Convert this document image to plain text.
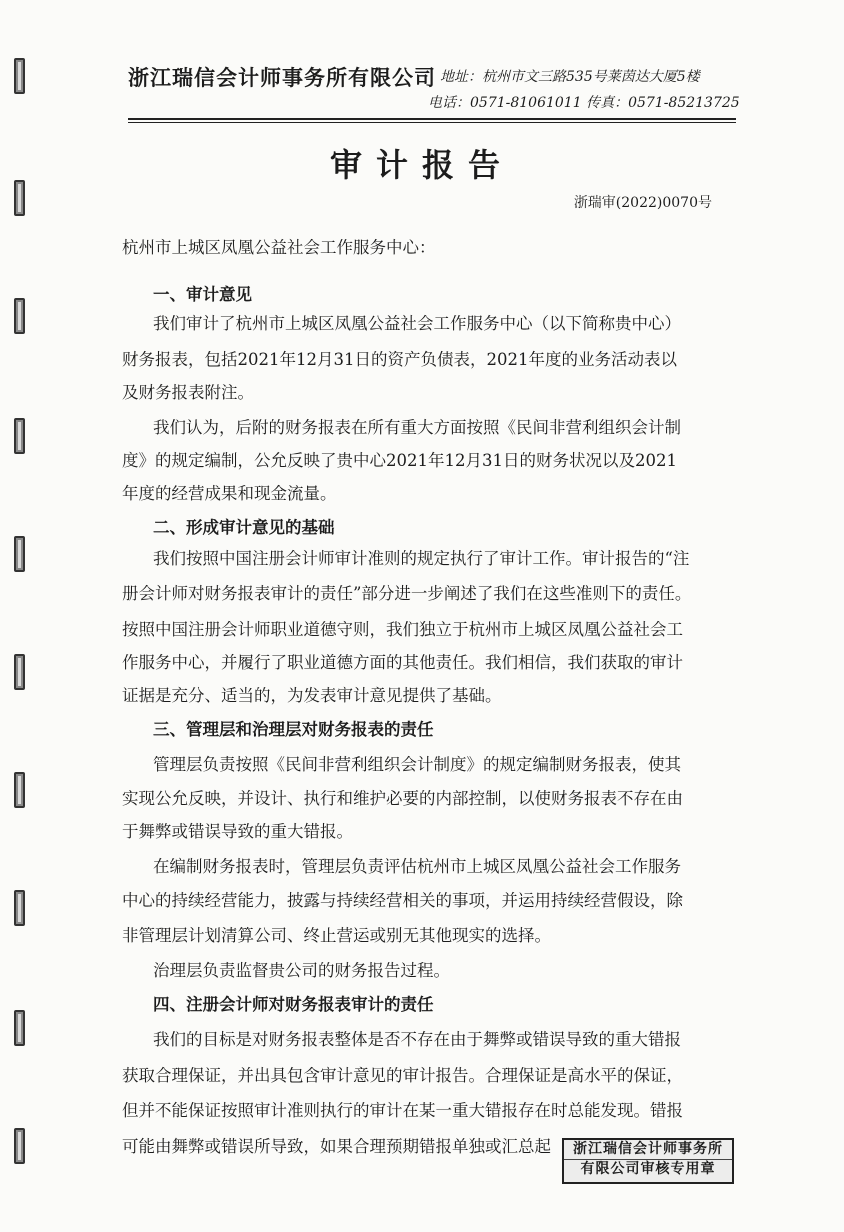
浙江瑞信会计师事务所有限公司 地址：杭州市文三路535号莱茵达大厦5楼
电话：0571-81061011 传真：0571-85213725
审计报告
浙瑞审(2022)0070号
杭州市上城区凤凰公益社会工作服务中心：
一、审计意见
我们审计了杭州市上城区凤凰公益社会工作服务中心（以下简称贵中心）
财务报表，包括2021年12月31日的资产负债表，2021年度的业务活动表以
及财务报表附注。
我们认为，后附的财务报表在所有重大方面按照《民间非营利组织会计制
度》的规定编制，公允反映了贵中心2021年12月31日的财务状况以及2021
年度的经营成果和现金流量。
二、形成审计意见的基础
我们按照中国注册会计师审计准则的规定执行了审计工作。审计报告的“注
册会计师对财务报表审计的责任”部分进一步阐述了我们在这些准则下的责任。
按照中国注册会计师职业道德守则，我们独立于杭州市上城区凤凰公益社会工
作服务中心，并履行了职业道德方面的其他责任。我们相信，我们获取的审计
证据是充分、适当的，为发表审计意见提供了基础。
三、管理层和治理层对财务报表的责任
管理层负责按照《民间非营利组织会计制度》的规定编制财务报表，使其
实现公允反映，并设计、执行和维护必要的内部控制，以使财务报表不存在由
于舞弊或错误导致的重大错报。
在编制财务报表时，管理层负责评估杭州市上城区凤凰公益社会工作服务
中心的持续经营能力，披露与持续经营相关的事项，并运用持续经营假设，除
非管理层计划清算公司、终止营运或别无其他现实的选择。
治理层负责监督贵公司的财务报告过程。
四、注册会计师对财务报表审计的责任
我们的目标是对财务报表整体是否不存在由于舞弊或错误导致的重大错报
获取合理保证，并出具包含审计意见的审计报告。合理保证是高水平的保证，
但并不能保证按照审计准则执行的审计在某一重大错报存在时总能发现。错报
可能由舞弊或错误所导致，如果合理预期错报单独或汇总起	浙江瑞信会计师事务所
有限公司审核专用章
